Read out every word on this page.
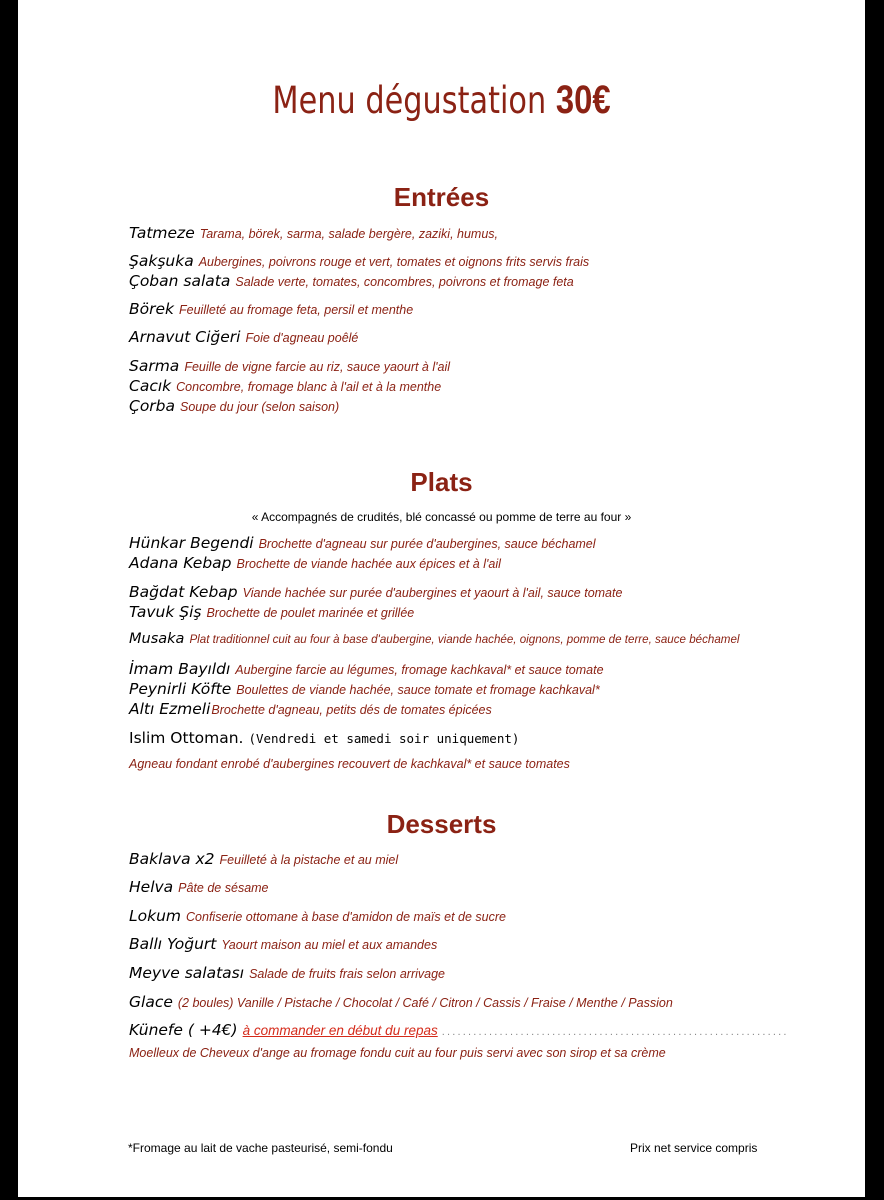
Menu dégustation 30€
Entrées
Tatmeze Tarama, börek, sarma, salade bergère, zaziki, humus,
Şakşuka Aubergines, poivrons rouge et vert, tomates et oignons frits servis frais
Çoban salata Salade verte, tomates, concombres, poivrons et fromage feta
Börek Feuilleté au fromage feta, persil et menthe
Arnavut Ciğeri Foie d'agneau poêlé
Sarma Feuille de vigne farcie au riz, sauce yaourt à l'ail
Cacık Concombre, fromage blanc à l'ail et à la menthe
Çorba Soupe du jour (selon saison)
Plats
« Accompagnés de crudités, blé concassé ou pomme de terre au four »
Hünkar Begendi Brochette d'agneau sur purée d'aubergines, sauce béchamel
Adana Kebap Brochette de viande hachée aux épices et à l'ail
Bağdat Kebap Viande hachée sur purée d'aubergines et yaourt à l'ail, sauce tomate
Tavuk Şiş Brochette de poulet marinée et grillée
Musaka Plat traditionnel cuit au four à base d'aubergine, viande hachée, oignons, pomme de terre, sauce béchamel
İmam Bayıldı Aubergine farcie au légumes, fromage kachkaval* et sauce tomate
Peynirli Köfte Boulettes de viande hachée, sauce tomate et fromage kachkaval*
Altı EzmeliBrochette d'agneau, petits dés de tomates épicées
Islim Ottoman. (Vendredi et samedi soir uniquement)
Agneau fondant enrobé d'aubergines recouvert de kachkaval* et sauce tomates
Desserts
Baklava x2 Feuilleté à la pistache et au miel
Helva Pâte de sésame
Lokum Confiserie ottomane à base d'amidon de maïs et de sucre
Ballı Yoğurt Yaourt maison au miel et aux amandes
Meyve salatası Salade de fruits frais selon arrivage
Glace (2 boules) Vanille / Pistache / Chocolat / Café / Citron / Cassis / Fraise / Menthe / Passion
Künefe ( +4€) à commander en début du repas ..................................................................
Moelleux de Cheveux d'ange au fromage fondu cuit au four puis servi avec son sirop et sa crème
*Fromage au lait de vache pasteurisé, semi-fondu	Prix net service compris
